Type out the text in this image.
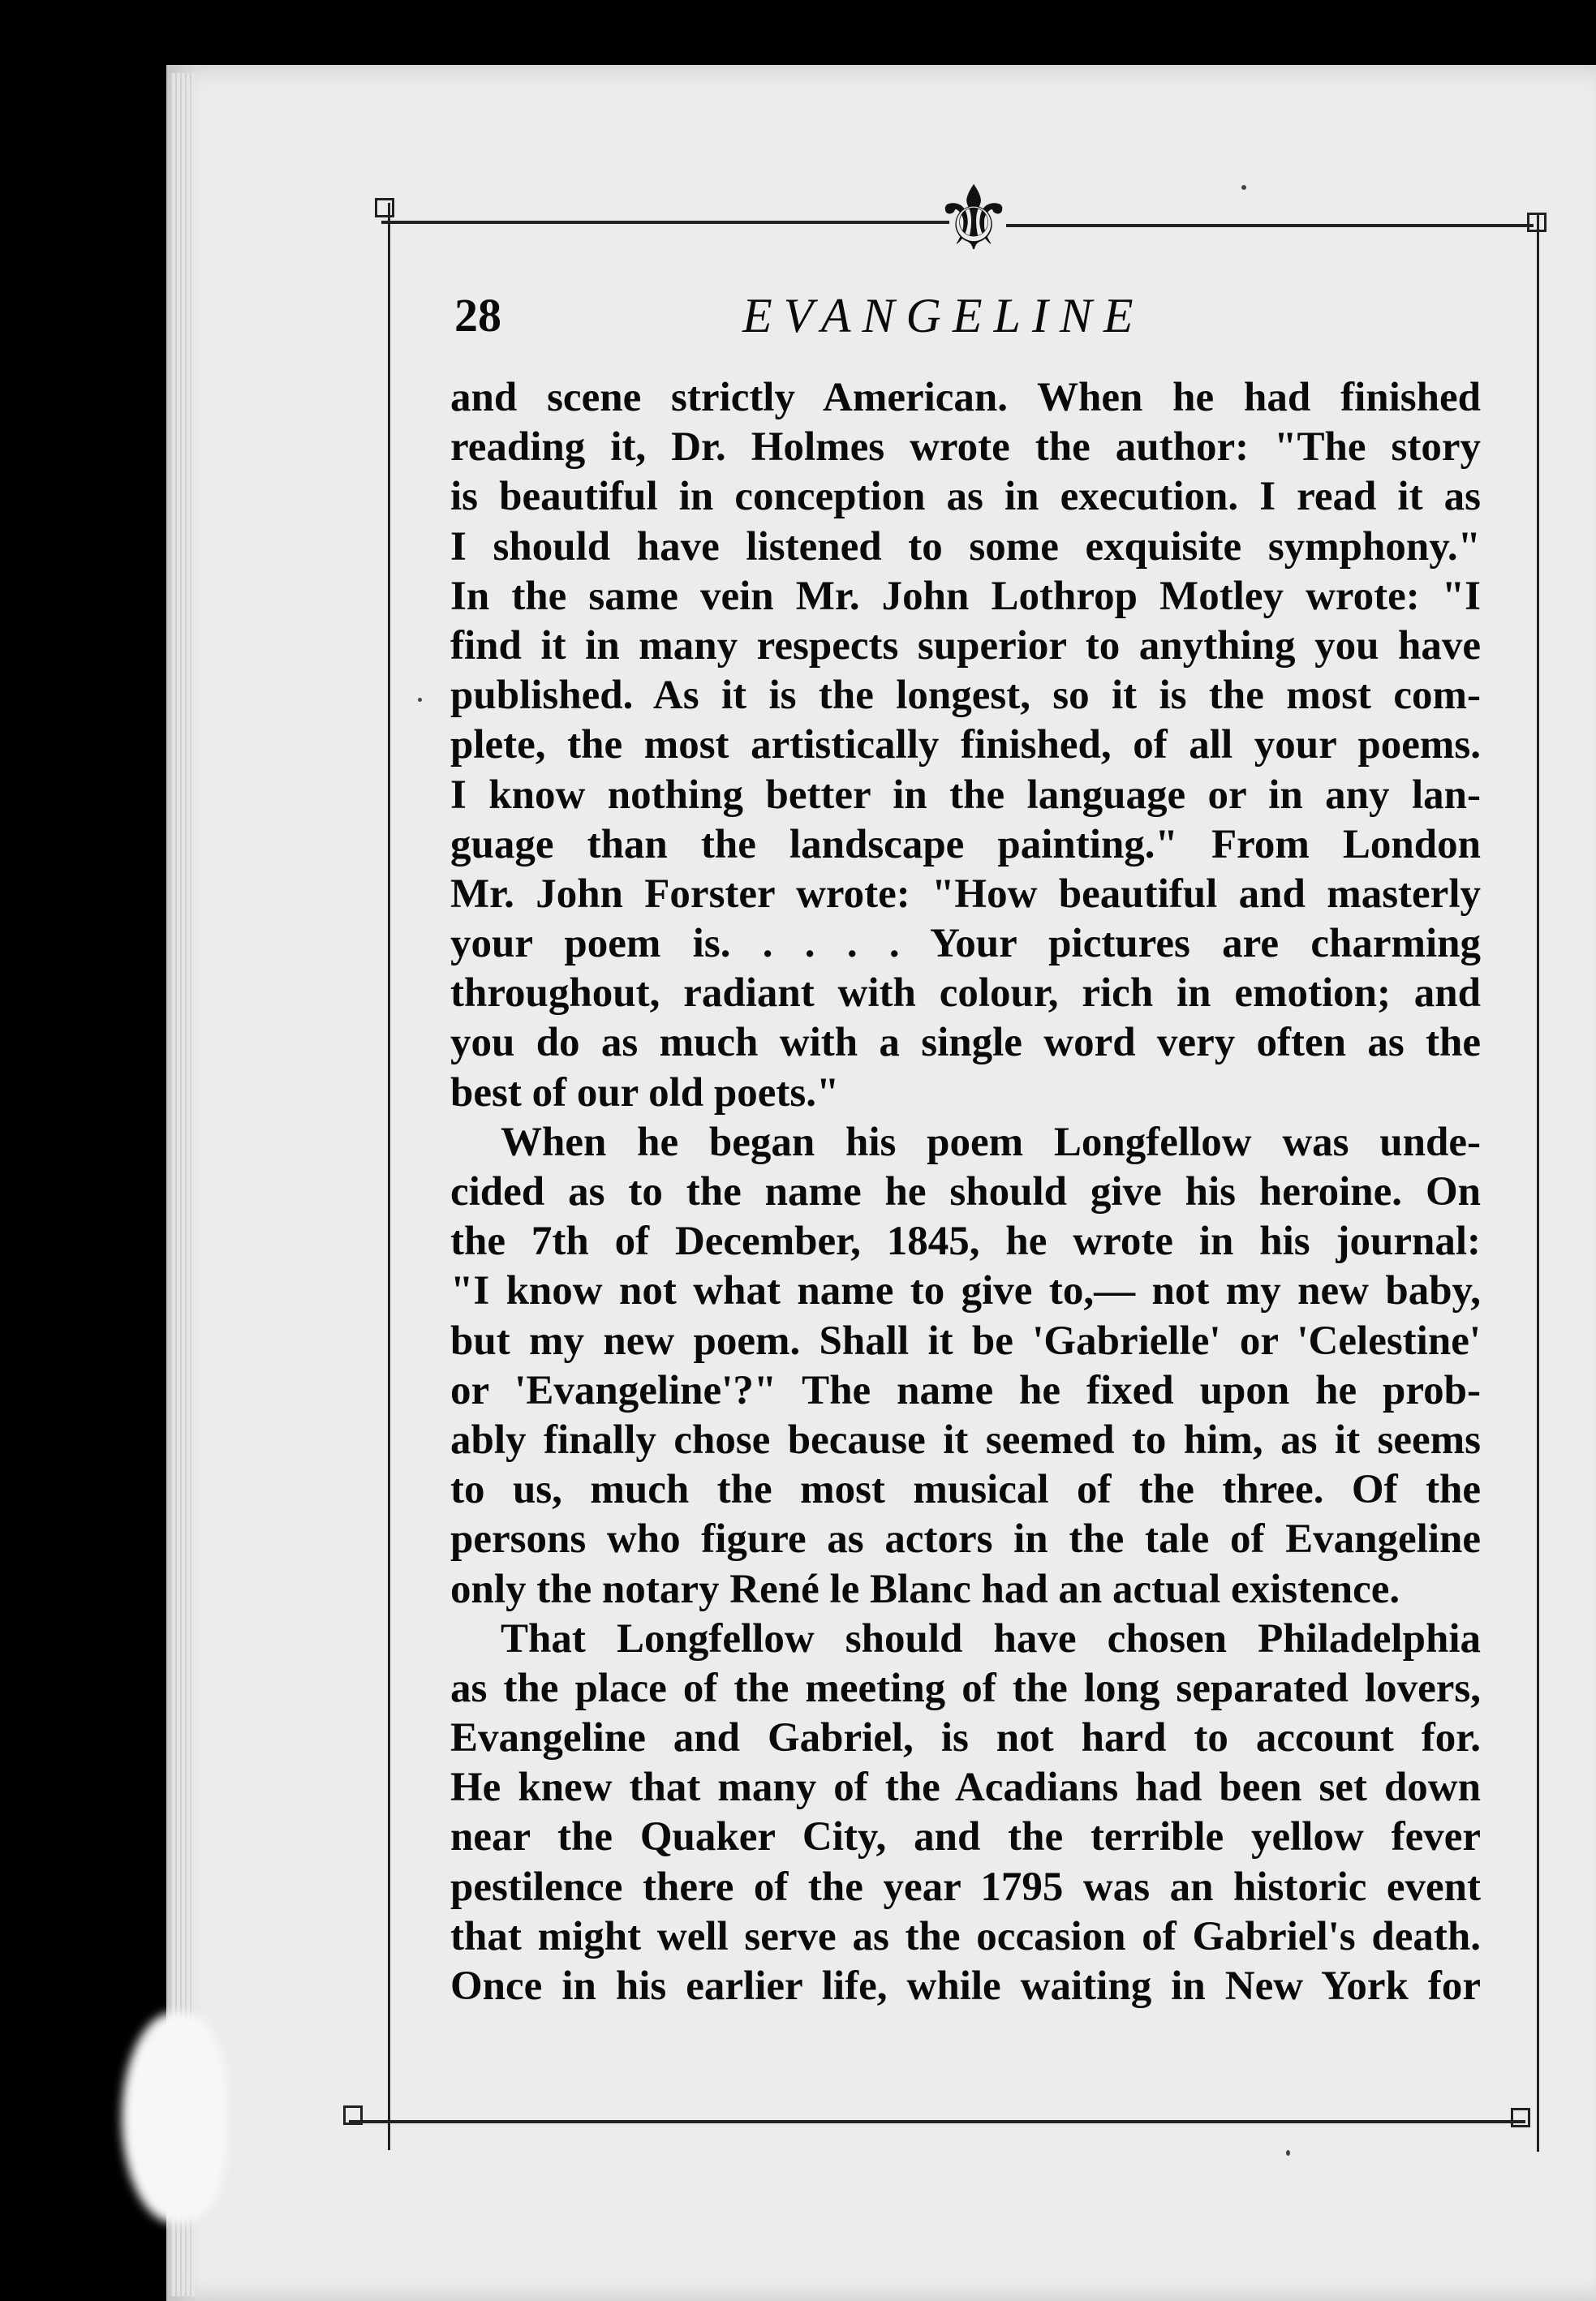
⚜
28	EVANGELINE
and scene strictly American. When he had finished
reading it, Dr. Holmes wrote the author: "The story
is beautiful in conception as in execution. I read it as
I should have listened to some exquisite symphony."
In the same vein Mr. John Lothrop Motley wrote: "I
find it in many respects superior to anything you have
published. As it is the longest, so it is the most com-
plete, the most artistically finished, of all your poems.
I know nothing better in the language or in any lan-
guage than the landscape painting." From London
Mr. John Forster wrote: "How beautiful and masterly
your poem is. . . . . Your pictures are charming
throughout, radiant with colour, rich in emotion; and
you do as much with a single word very often as the
best of our old poets."
When he began his poem Longfellow was unde-
cided as to the name he should give his heroine. On
the 7th of December, 1845, he wrote in his journal:
"I know not what name to give to,— not my new baby,
but my new poem. Shall it be 'Gabrielle' or 'Celestine'
or 'Evangeline'?" The name he fixed upon he prob-
ably finally chose because it seemed to him, as it seems
to us, much the most musical of the three. Of the
persons who figure as actors in the tale of Evangeline
only the notary René le Blanc had an actual existence.
That Longfellow should have chosen Philadelphia
as the place of the meeting of the long separated lovers,
Evangeline and Gabriel, is not hard to account for.
He knew that many of the Acadians had been set down
near the Quaker City, and the terrible yellow fever
pestilence there of the year 1795 was an historic event
that might well serve as the occasion of Gabriel's death.
Once in his earlier life, while waiting in New York for
